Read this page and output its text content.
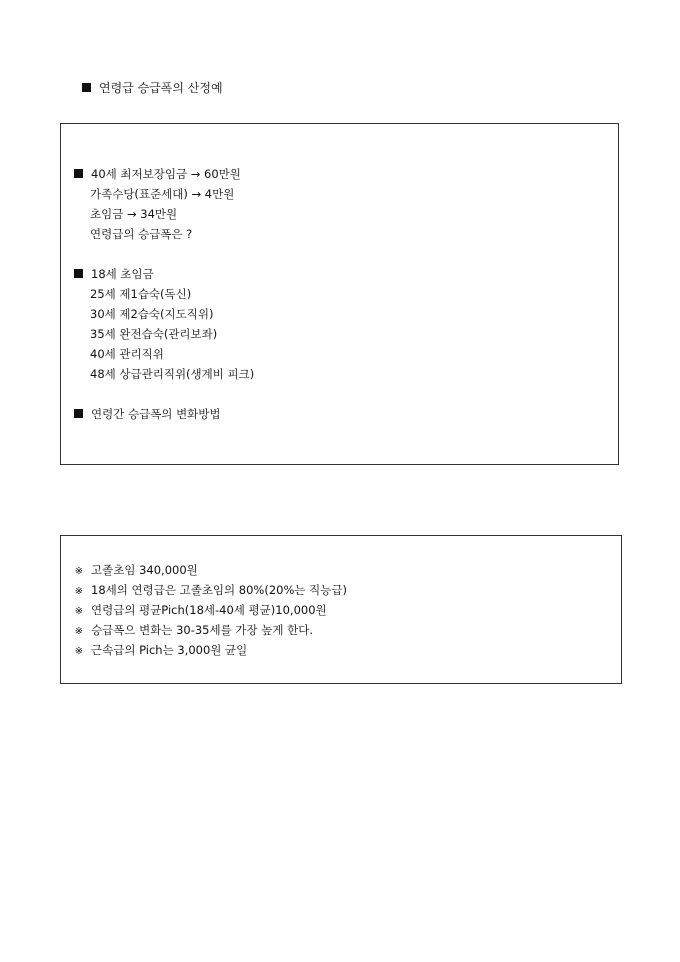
연령급 승급폭의 산정예
40세 최저보장임금 → 60만원
가족수당(표준세대) → 4만원
초임금 → 34만원
연령급의 승급폭은 ?
18세 초임금
25세 제1습숙(독신)
30세 제2습숙(지도직위)
35세 완전습숙(관리보좌)
40세 관리직위
48세 상급관리직위(생계비 피크)
연령간 승급폭의 변화방법
※ 고졸초임 340,000원
※ 18세의 연령급은 고졸초임의 80%(20%는 직능급)
※ 연령급의 평균Pich(18세-40세 평균)10,000원
※ 승급폭으 변화는 30-35세를 가장 높게 한다.
※ 근속급의 Pich는 3,000원 균일
